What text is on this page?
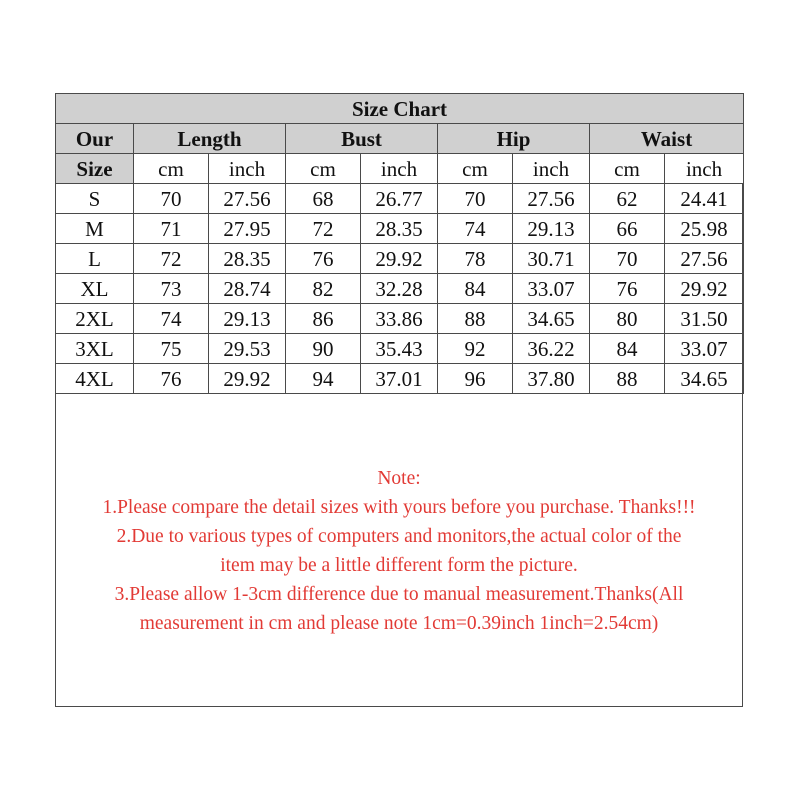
Size Chart								
Our	Length		Bust		Hip		Waist	
Size	cm	inch	cm	inch	cm	inch	cm	inch
S	70	27.56	68	26.77	70	27.56	62	24.41
M	71	27.95	72	28.35	74	29.13	66	25.98
L	72	28.35	76	29.92	78	30.71	70	27.56
XL	73	28.74	82	32.28	84	33.07	76	29.92
2XL	74	29.13	86	33.86	88	34.65	80	31.50
3XL	75	29.53	90	35.43	92	36.22	84	33.07
4XL	76	29.92	94	37.01	96	37.80	88	34.65
Note:
1.Please compare the detail sizes with yours before you purchase. Thanks!!!
2.Due to various types of computers and monitors,the actual color of the
item may be a little different form the picture.
3.Please allow 1-3cm difference due to manual measurement.Thanks(All
measurement in cm and please note 1cm=0.39inch 1inch=2.54cm)
